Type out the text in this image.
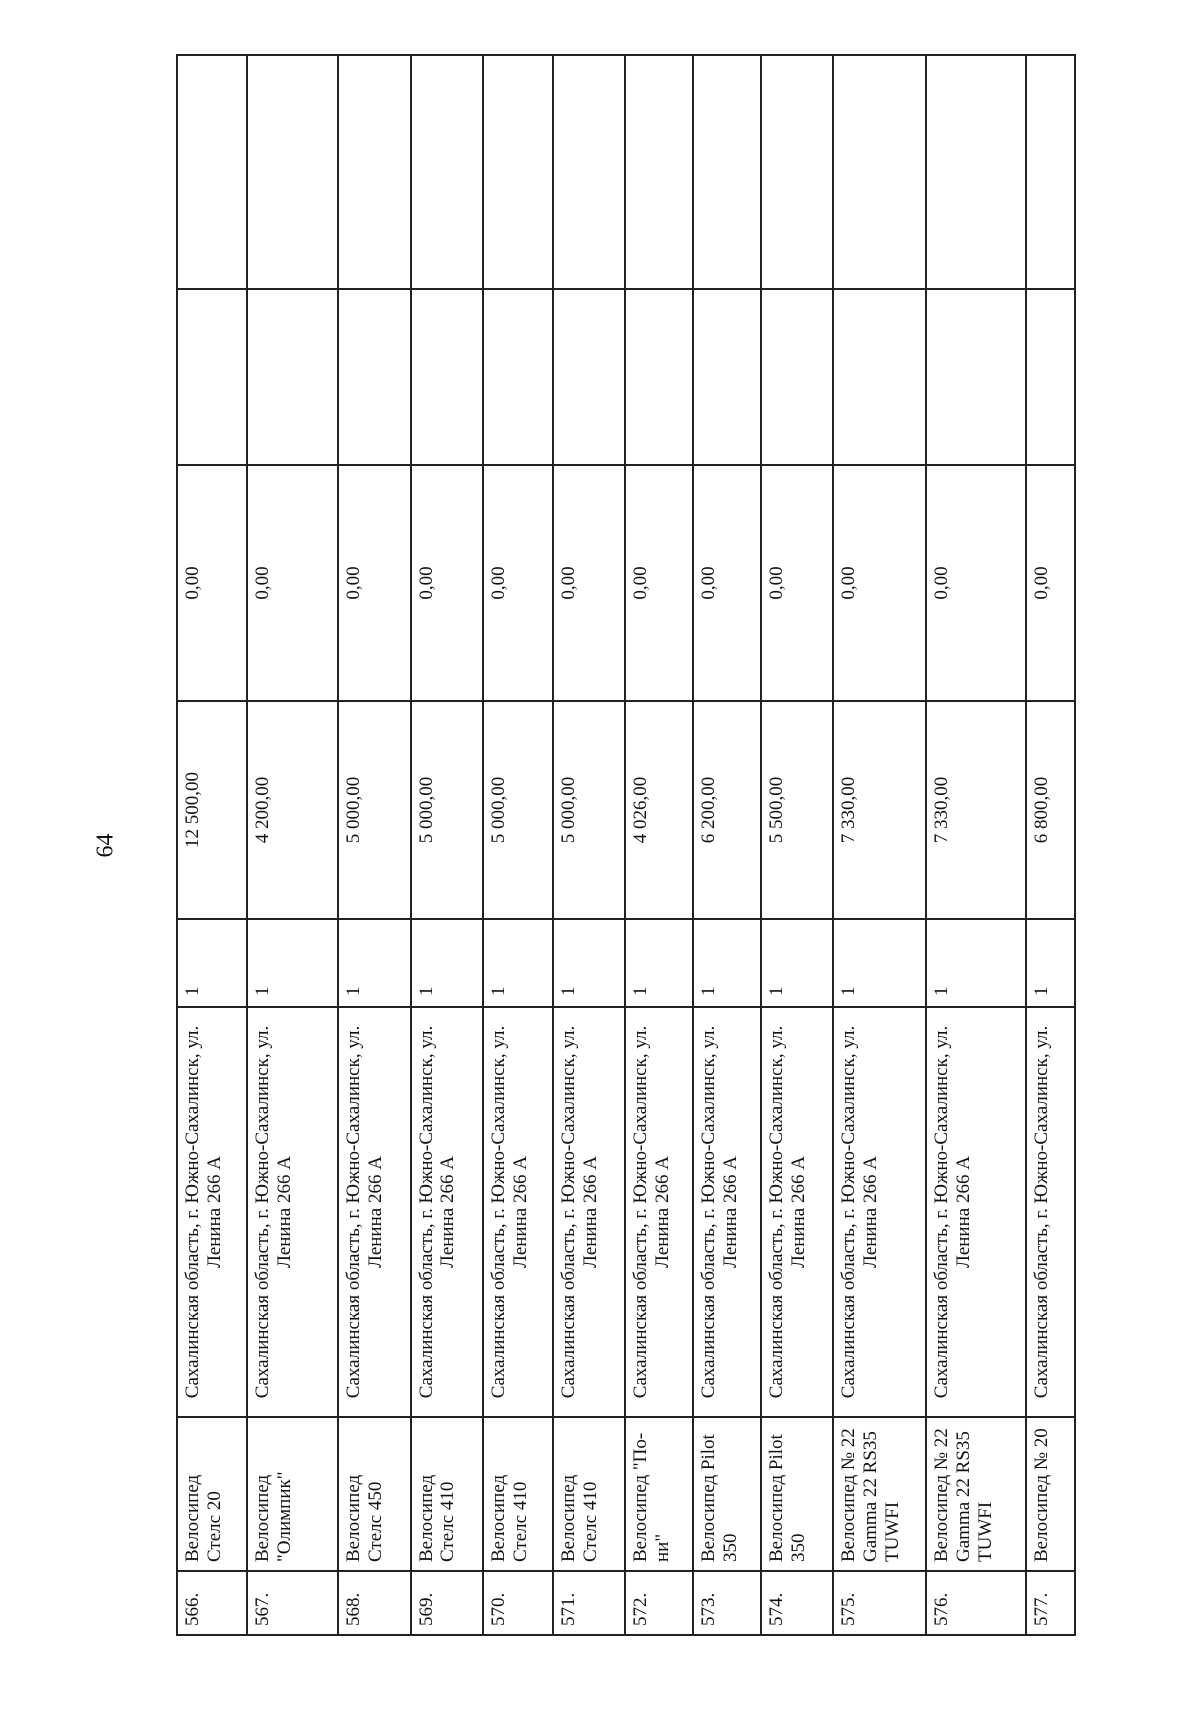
64
566.	Велосипед Стелс 20	Сахалинская область, г. Южно-Сахалинск, ул. Ленина 266 А	1	12 500,00	0,00		
567.	Велосипед "Олимпик"	Сахалинская область, г. Южно-Сахалинск, ул. Ленина 266 А	1	4 200,00	0,00		
568.	Велосипед Стелс 450	Сахалинская область, г. Южно-Сахалинск, ул. Ленина 266 А	1	5 000,00	0,00		
569.	Велосипед Стелс 410	Сахалинская область, г. Южно-Сахалинск, ул. Ленина 266 А	1	5 000,00	0,00		
570.	Велосипед Стелс 410	Сахалинская область, г. Южно-Сахалинск, ул. Ленина 266 А	1	5 000,00	0,00		
571.	Велосипед Стелс 410	Сахалинская область, г. Южно-Сахалинск, ул. Ленина 266 А	1	5 000,00	0,00		
572.	Велосипед "По-ни"	Сахалинская область, г. Южно-Сахалинск, ул. Ленина 266 А	1	4 026,00	0,00		
573.	Велосипед Pilot 350	Сахалинская область, г. Южно-Сахалинск, ул. Ленина 266 А	1	6 200,00	0,00		
574.	Велосипед Pilot 350	Сахалинская область, г. Южно-Сахалинск, ул. Ленина 266 А	1	5 500,00	0,00		
575.	Велосипед № 22 Gamma 22 RS35 TUWFI	Сахалинская область, г. Южно-Сахалинск, ул. Ленина 266 А	1	7 330,00	0,00		
576.	Велосипед № 22 Gamma 22 RS35 TUWFI	Сахалинская область, г. Южно-Сахалинск, ул. Ленина 266 А	1	7 330,00	0,00		
577.	Велосипед № 20	Сахалинская область, г. Южно-Сахалинск, ул.	1	6 800,00	0,00		
